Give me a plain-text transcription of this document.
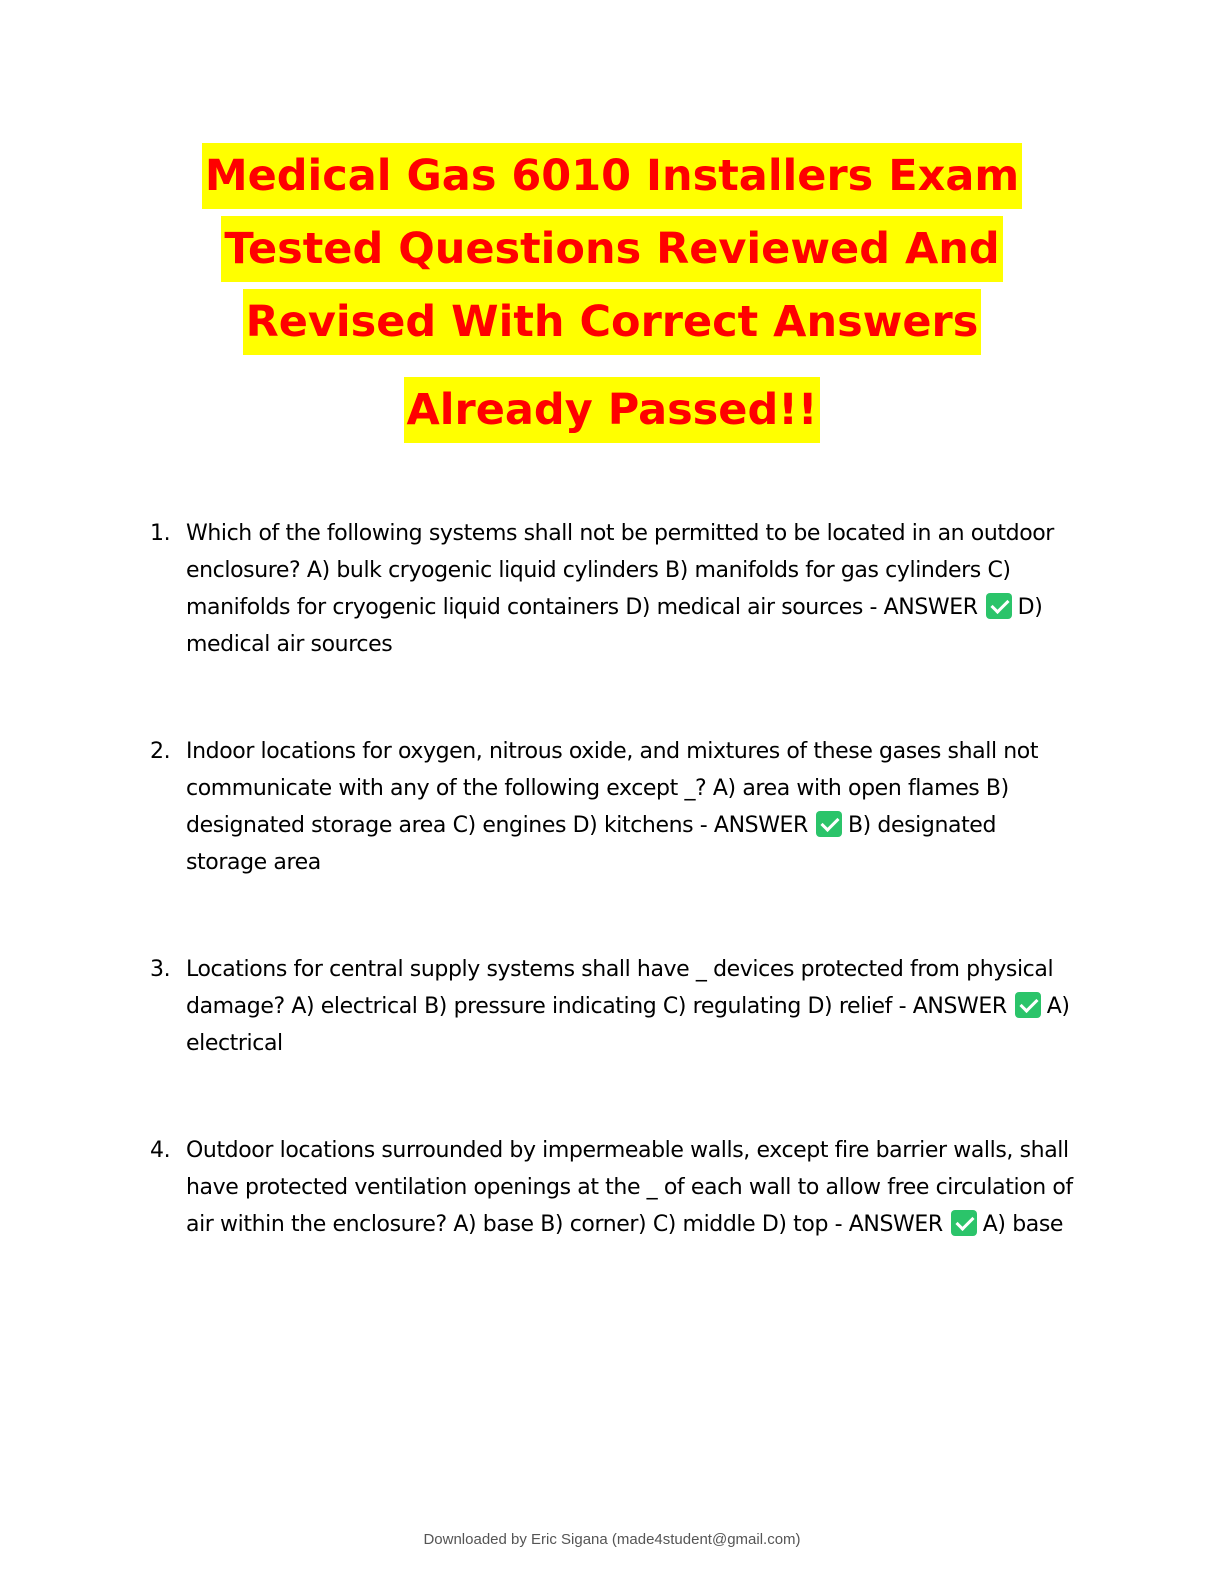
Medical Gas 6010 Installers Exam
Tested Questions Reviewed And
Revised With Correct Answers
Already Passed!!
1. Which of the following systems shall not be permitted to be located in an outdoor enclosure? A) bulk cryogenic liquid cylinders B) manifolds for gas cylinders C) manifolds for cryogenic liquid containers D) medical air sources - ANSWER D) medical air sources
2. Indoor locations for oxygen, nitrous oxide, and mixtures of these gases shall not communicate with any of the following except _? A) area with open flames B) designated storage area C) engines D) kitchens - ANSWER B) designated storage area
3. Locations for central supply systems shall have _ devices protected from physical damage? A) electrical B) pressure indicating C) regulating D) relief - ANSWER A) electrical
4. Outdoor locations surrounded by impermeable walls, except fire barrier walls, shall have protected ventilation openings at the _ of each wall to allow free circulation of air within the enclosure? A) base B) corner) C) middle D) top - ANSWER A) base
Downloaded by Eric Sigana (made4student@gmail.com)
